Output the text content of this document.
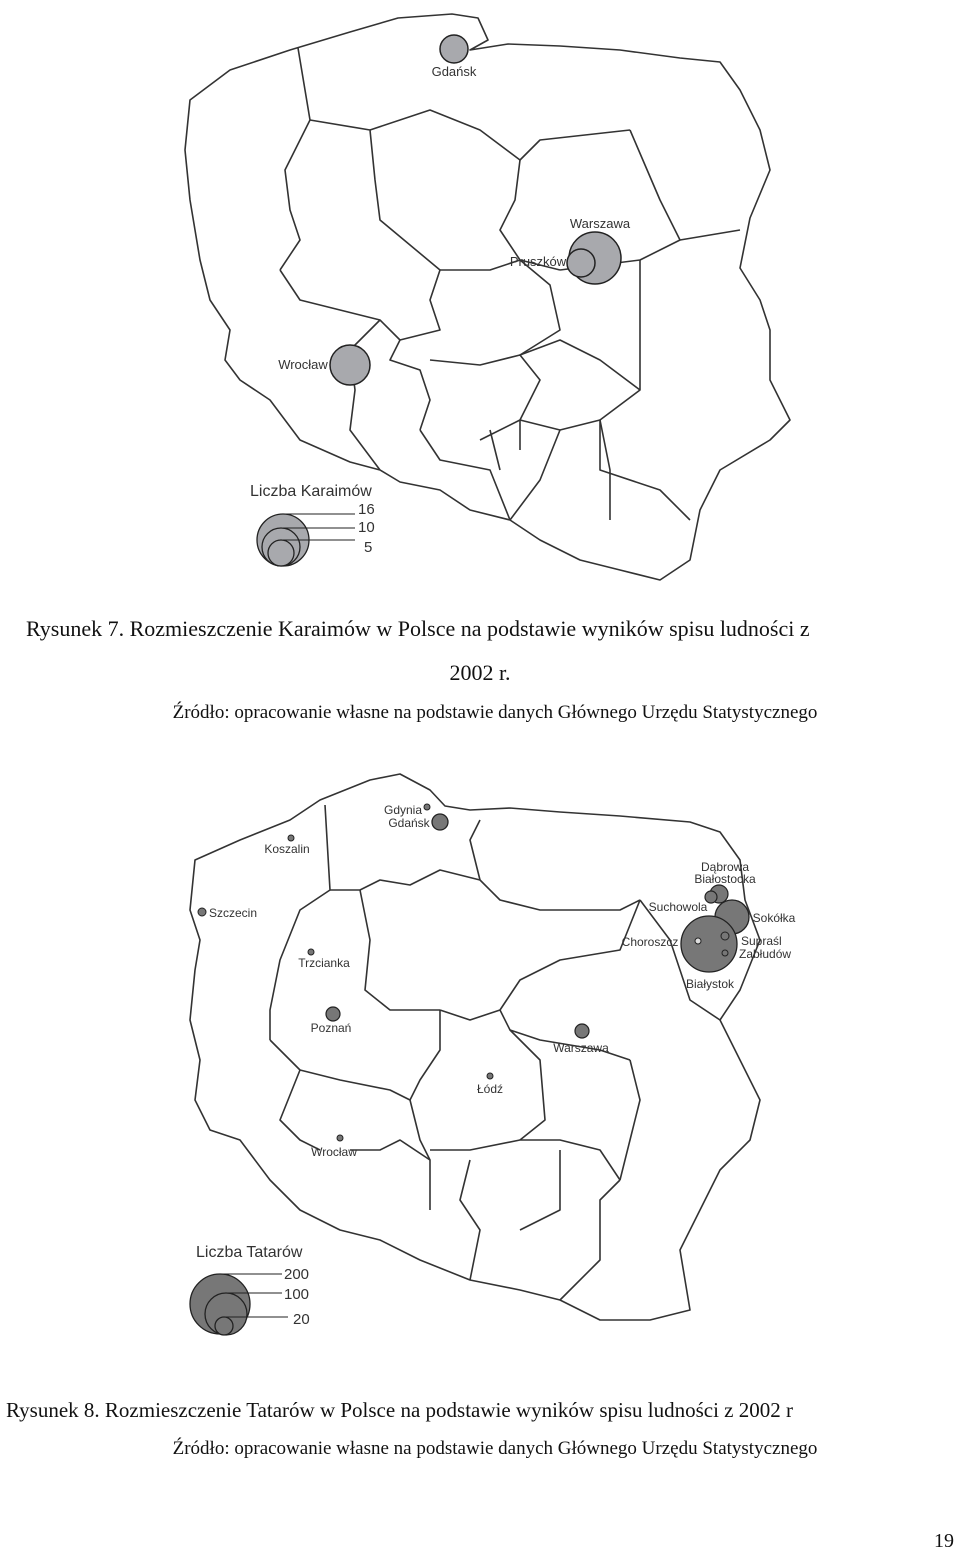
Gdańsk
Warszawa
Pruszków
Wrocław
Liczba Karaimów
16
10
5
Rysunek 7. Rozmieszczenie Karaimów w Polsce na podstawie wyników spisu ludności z
2002 r.
Źródło: opracowanie własne na podstawie danych Głównego Urzędu Statystycznego
Gdynia
Gdańsk
Koszalin
Szczecin
Trzcianka
Dąbrowa
Białostocka
Suchowola
Sokółka
Choroszcz	Supraśl
Zabłudów
Białystok
Poznań
Warszawa
Łódź
Wrocław
Liczba Tatarów
200
100
20
Rysunek 8. Rozmieszczenie Tatarów w Polsce na podstawie wyników spisu ludności z 2002 r
Źródło: opracowanie własne na podstawie danych Głównego Urzędu Statystycznego
19
